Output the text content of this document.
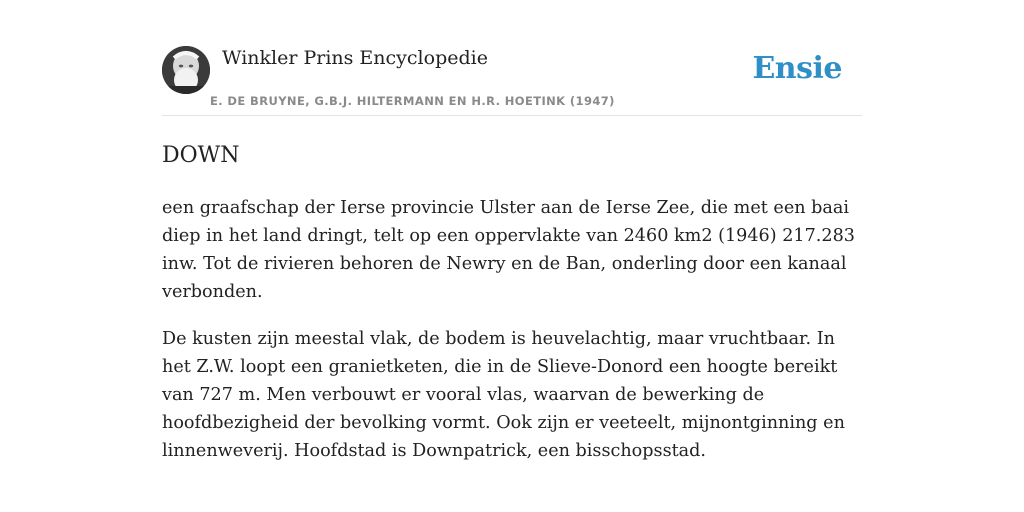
Winkler Prins Encyclopedie
E. DE BRUYNE, G.B.J. HILTERMANN EN H.R. HOETINK (1947)
Ensie
DOWN

een graafschap der Ierse provincie Ulster aan de Ierse Zee, die met een baai diep in het land dringt, telt op een oppervlakte van 2460 km2 (1946) 217.283 inw. Tot de rivieren behoren de Newry en de Ban, onderling door een kanaal verbonden.

De kusten zijn meestal vlak, de bodem is heuvelachtig, maar vruchtbaar. In het Z.W. loopt een granietketen, die in de Slieve-Donord een hoogte bereikt van 727 m. Men verbouwt er vooral vlas, waarvan de bewerking de hoofdbezigheid der bevolking vormt. Ook zijn er veeteelt, mijnontginning en linnenweverij. Hoofdstad is Downpatrick, een bisschopsstad.
